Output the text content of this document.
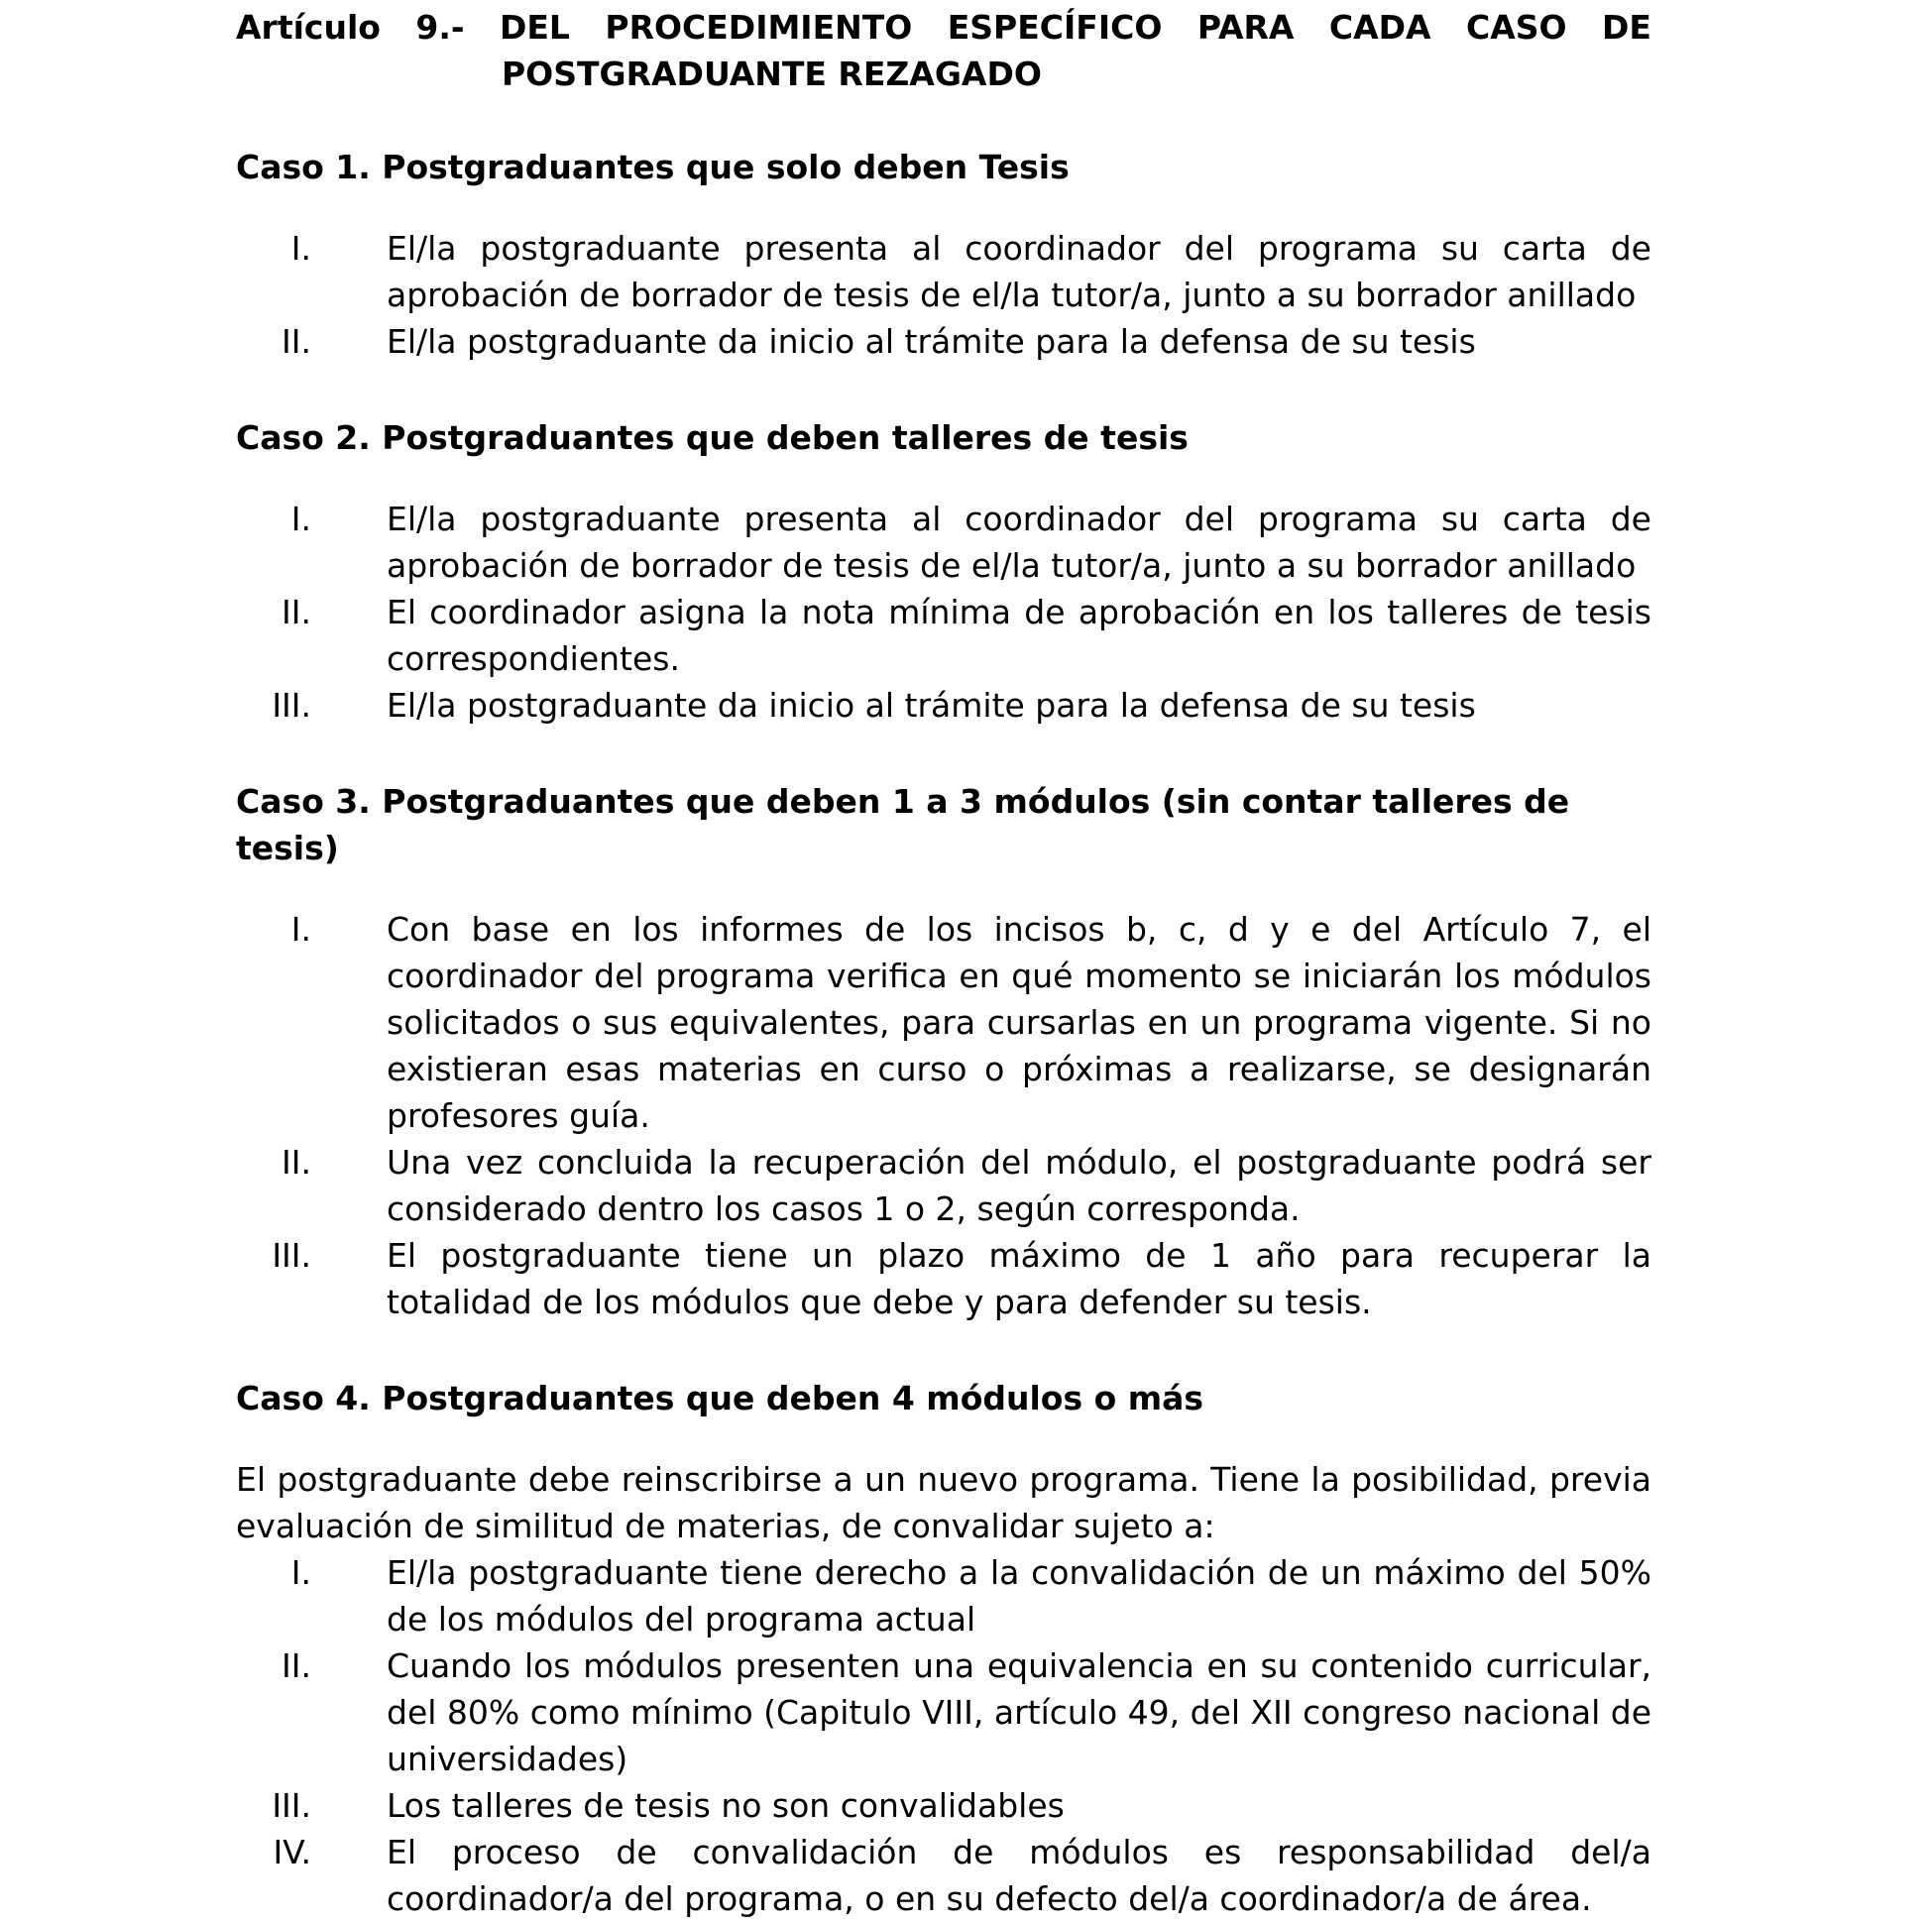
Artículo 9.- DEL PROCEDIMIENTO ESPECÍFICO PARA CADA CASO DE
POSTGRADUANTE REZAGADO
Caso 1. Postgraduantes que solo deben Tesis
I. El/la postgraduante presenta al coordinador del programa su carta de aprobación de borrador de tesis de el/la tutor/a, junto a su borrador anillado
II. El/la postgraduante da inicio al trámite para la defensa de su tesis
Caso 2. Postgraduantes que deben talleres de tesis
I. El/la postgraduante presenta al coordinador del programa su carta de aprobación de borrador de tesis de el/la tutor/a, junto a su borrador anillado
II. El coordinador asigna la nota mínima de aprobación en los talleres de tesis correspondientes.
III. El/la postgraduante da inicio al trámite para la defensa de su tesis
Caso 3. Postgraduantes que deben 1 a 3 módulos (sin contar talleres de tesis)
I. Con base en los informes de los incisos b, c, d y e del Artículo 7, el coordinador del programa verifica en qué momento se iniciarán los módulos solicitados o sus equivalentes, para cursarlas en un programa vigente. Si no existieran esas materias en curso o próximas a realizarse, se designarán profesores guía.
II. Una vez concluida la recuperación del módulo, el postgraduante podrá ser considerado dentro los casos 1 o 2, según corresponda.
III. El postgraduante tiene un plazo máximo de 1 año para recuperar la totalidad de los módulos que debe y para defender su tesis.
Caso 4. Postgraduantes que deben 4 módulos o más

El postgraduante debe reinscribirse a un nuevo programa. Tiene la posibilidad, previa evaluación de similitud de materias, de convalidar sujeto a:

I. El/la postgraduante tiene derecho a la convalidación de un máximo del 50% de los módulos del programa actual
II. Cuando los módulos presenten una equivalencia en su contenido curricular, del 80% como mínimo (Capitulo VIII, artículo 49, del XII congreso nacional de universidades)
III. Los talleres de tesis no son convalidables
IV. El proceso de convalidación de módulos es responsabilidad del/a coordinador/a del programa, o en su defecto del/a coordinador/a de área.
